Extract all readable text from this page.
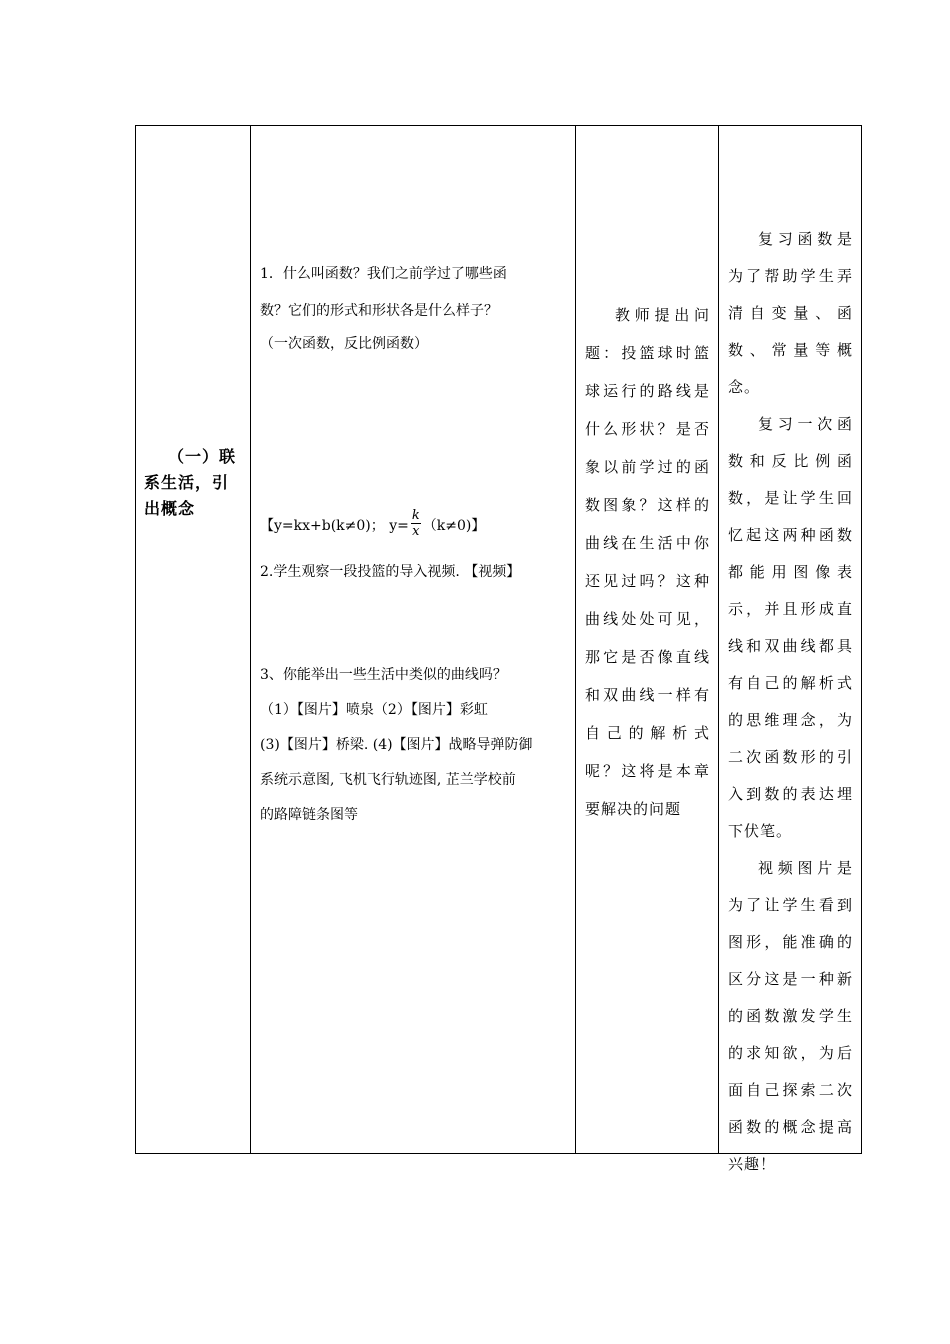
（一）联系生活，引出概念
1．什么叫函数？我们之前学过了哪些函
数？它们的形式和形状各是什么样子？
（一次函数，反比例函数）
【y=kx+b(k≠0)； $y= \frac{k}{x} (k\ne 0)$】
2.学生观察一段投篮的导入视频. 【视频】
3、你能举出一些生活中类似的曲线吗？
（1）【图片】喷泉（2）【图片】彩虹
(3)【图片】桥梁. (4)【图片】战略导弹防御
系统示意图, 飞机飞行轨迹图, 芷兰学校前
的路障链条图等
教师提出问题：投篮球时篮球运行的路线是什么形状？是否象以前学过的函数图象？这样的曲线在生活中你还见过吗？这种曲线处处可见，那它是否像直线和双曲线一样有自己的解析式呢？这将是本章要解决的问题

复习函数是为了帮助学生弄清自变量、函数、常量等概念。

复习一次函数和反比例函数，是让学生回忆起这两种函数都能用图像表示，并且形成直线和双曲线都具有自己的解析式的思维理念，为二次函数形的引入到数的表达埋下伏笔。

视频图片是为了让学生看到图形，能准确的区分这是一种新的函数激发学生的求知欲，为后面自己探索二次函数的概念提高兴趣！
